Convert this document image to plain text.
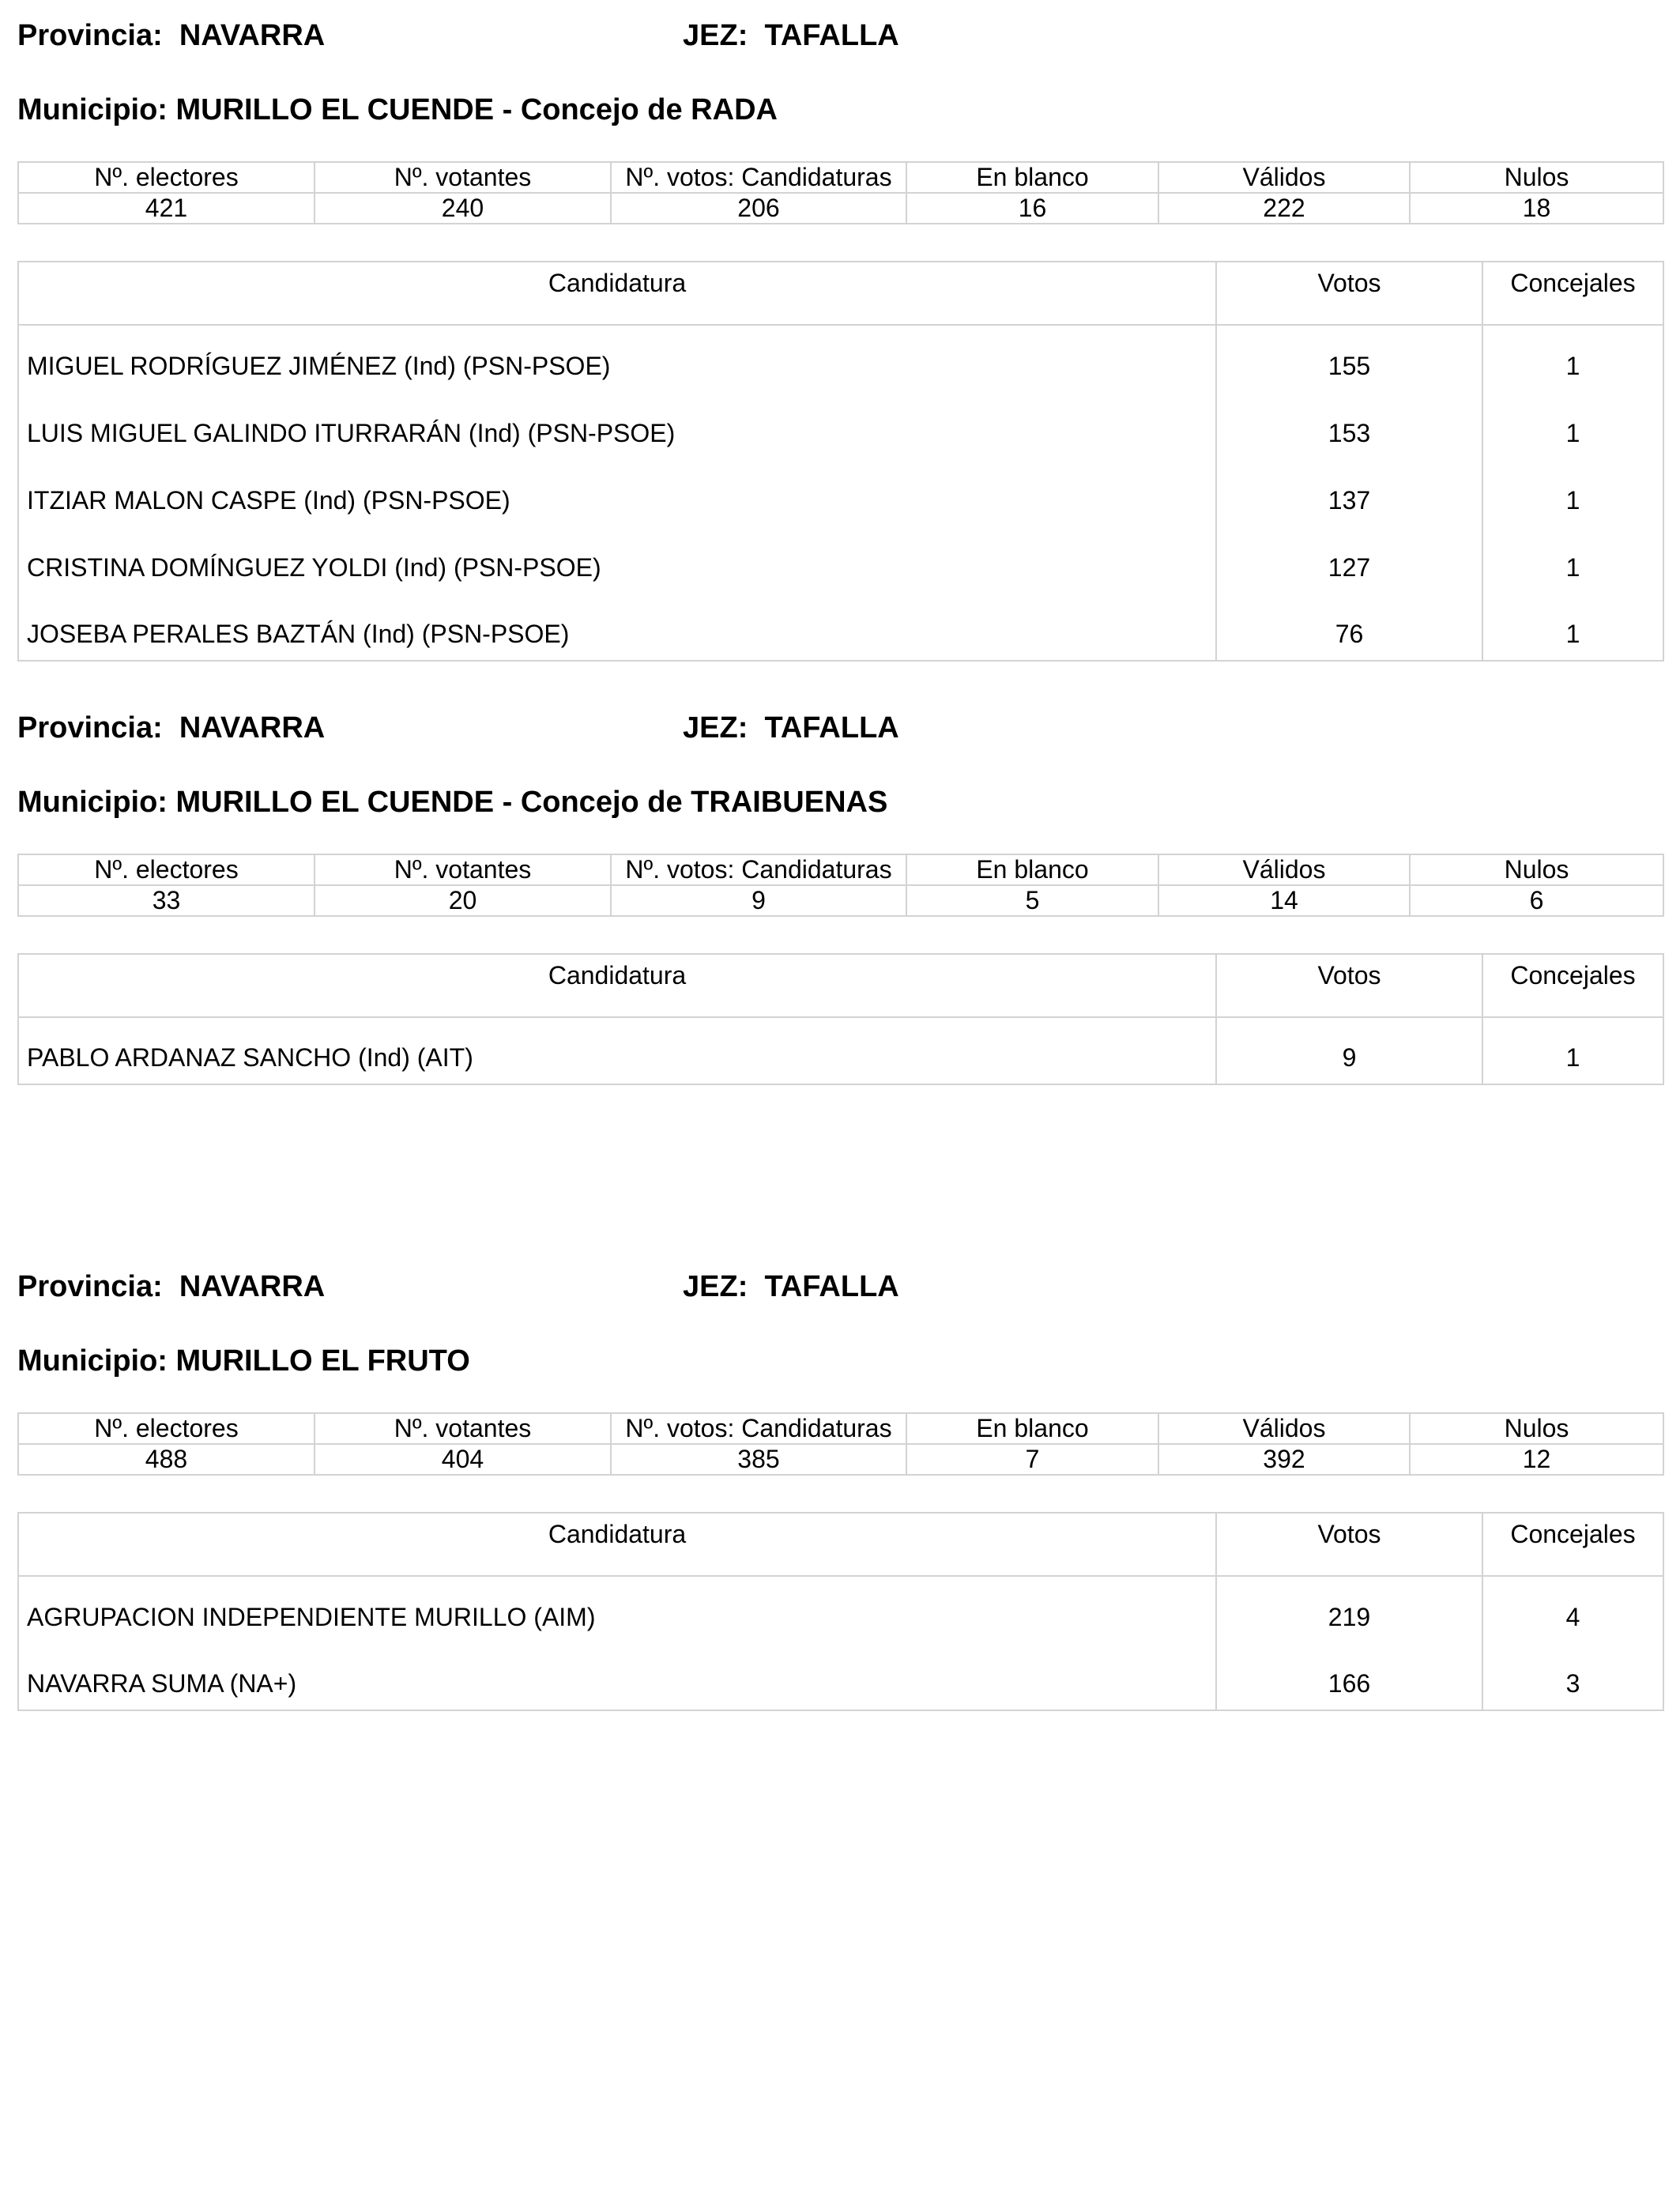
Provincia:  NAVARRA	JEZ:  TAFALLA
Municipio: MURILLO EL CUENDE - Concejo de RADA
Nº. electores	Nº. votantes	Nº. votos: Candidaturas	En blanco	Válidos	Nulos
421	240	206	16	222	18
Candidatura	Votos	Concejales
MIGUEL RODRÍGUEZ JIMÉNEZ (Ind) (PSN-PSOE)	155	1
LUIS MIGUEL GALINDO ITURRARÁN (Ind) (PSN-PSOE)	153	1
ITZIAR MALON CASPE (Ind) (PSN-PSOE)	137	1
CRISTINA DOMÍNGUEZ YOLDI (Ind) (PSN-PSOE)	127	1
JOSEBA PERALES BAZTÁN (Ind) (PSN-PSOE)	76	1
Provincia:  NAVARRA	JEZ:  TAFALLA
Municipio: MURILLO EL CUENDE - Concejo de TRAIBUENAS
Nº. electores	Nº. votantes	Nº. votos: Candidaturas	En blanco	Válidos	Nulos
33	20	9	5	14	6
Candidatura	Votos	Concejales
PABLO ARDANAZ SANCHO (Ind) (AIT)	9	1
Provincia:  NAVARRA	JEZ:  TAFALLA
Municipio: MURILLO EL FRUTO
Nº. electores	Nº. votantes	Nº. votos: Candidaturas	En blanco	Válidos	Nulos
488	404	385	7	392	12
Candidatura	Votos	Concejales
AGRUPACION INDEPENDIENTE MURILLO (AIM)	219	4
NAVARRA SUMA (NA+)	166	3
